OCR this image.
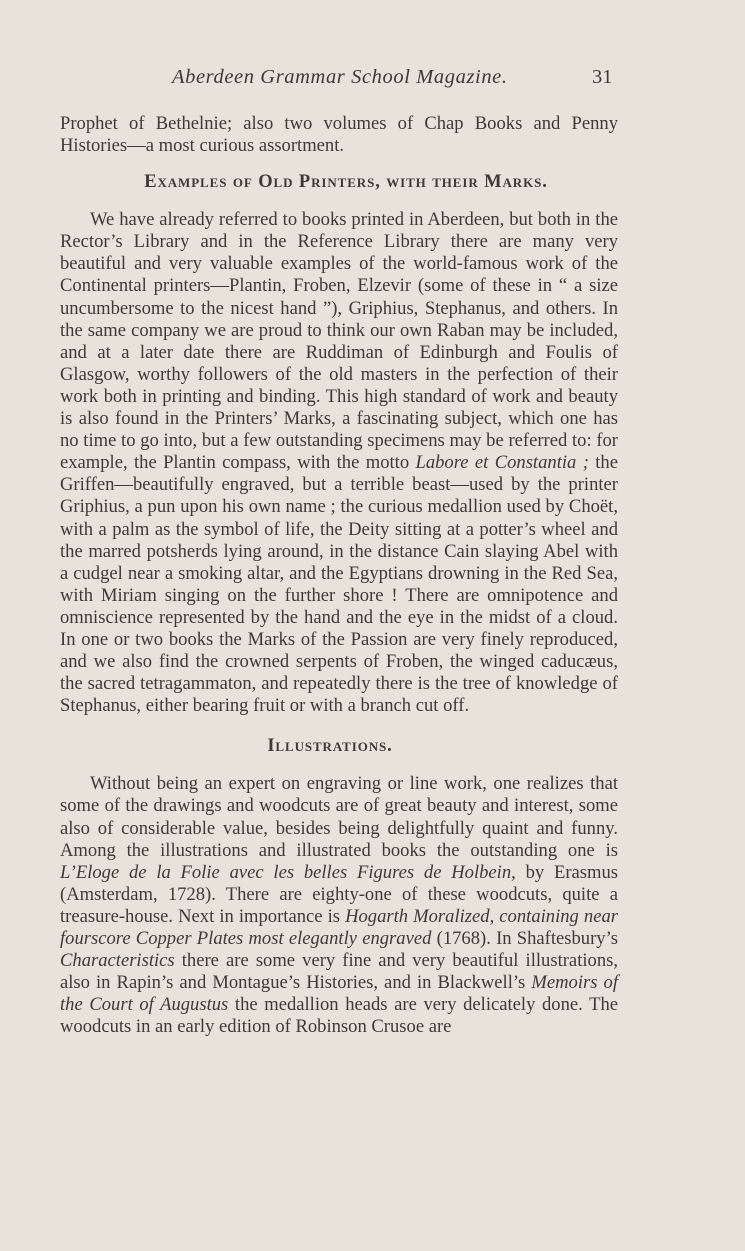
Aberdeen Grammar School Magazine.	31

Prophet of Bethelnie; also two volumes of Chap Books and Penny Histories—a most curious assortment.

Examples of Old Printers, with their Marks.

We have already referred to books printed in Aberdeen, but both in the Rector’s Library and in the Reference Library there are many very beautiful and very valuable examples of the world-famous work of the Continental printers—Plantin, Froben, Elzevir (some of these in “ a size uncumbersome to the nicest hand ”), Griphius, Stephanus, and others. In the same company we are proud to think our own Raban may be included, and at a later date there are Ruddiman of Edinburgh and Foulis of Glasgow, worthy followers of the old masters in the perfection of their work both in printing and binding. This high standard of work and beauty is also found in the Printers’ Marks, a fascinating subject, which one has no time to go into, but a few outstanding specimens may be referred to: for example, the Plantin compass, with the motto Labore et Constantia ; the Griffen—beautifully engraved, but a terrible beast—used by the printer Griphius, a pun upon his own name ; the curious medallion used by Choët, with a palm as the symbol of life, the Deity sitting at a potter’s wheel and the marred potsherds lying around, in the distance Cain slaying Abel with a cudgel near a smoking altar, and the Egyptians drowning in the Red Sea, with Miriam singing on the further shore ! There are omnipotence and omniscience represented by the hand and the eye in the midst of a cloud. In one or two books the Marks of the Passion are very finely reproduced, and we also find the crowned serpents of Froben, the winged caducæus, the sacred tetragammaton, and repeatedly there is the tree of knowledge of Stephanus, either bearing fruit or with a branch cut off.

Illustrations.

Without being an expert on engraving or line work, one realizes that some of the drawings and woodcuts are of great beauty and interest, some also of considerable value, besides being delightfully quaint and funny. Among the illustrations and illustrated books the outstanding one is L’Eloge de la Folie avec les belles Figures de Holbein, by Erasmus (Amsterdam, 1728). There are eighty-one of these woodcuts, quite a treasure-house. Next in importance is Hogarth Moralized, containing near fourscore Copper Plates most elegantly engraved (1768). In Shaftesbury’s Characteristics there are some very fine and very beautiful illustrations, also in Rapin’s and Montague’s Histories, and in Blackwell’s Memoirs of the Court of Augustus the medallion heads are very delicately done. The woodcuts in an early edition of Robinson Crusoe are
